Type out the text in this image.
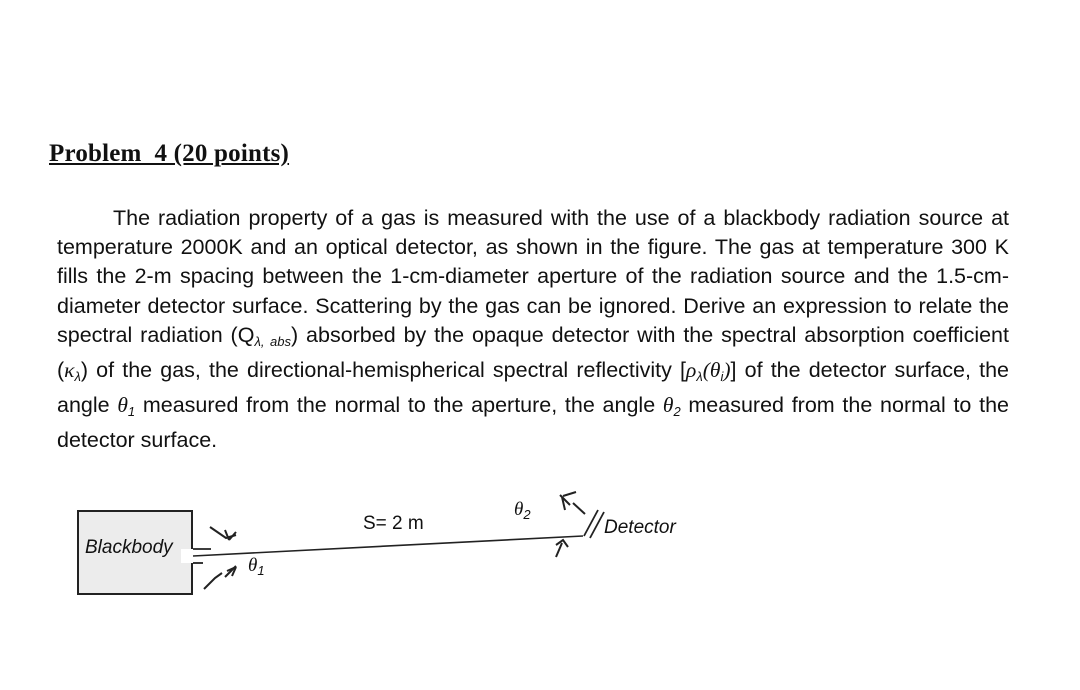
Problem  4 (20 points)
The radiation property of a gas is measured with the use of a blackbody radiation source at temperature 2000K and an optical detector, as shown in the figure. The gas at temperature 300 K fills the 2-m spacing between the 1-cm-diameter aperture of the radiation source and the 1.5-cm-diameter detector surface. Scattering by the gas can be ignored. Derive an expression to relate the spectral radiation $(Q_{\lambda, abs})$ absorbed by the opaque detector with the spectral absorption coefficient $(\kappa_\lambda)$ of the gas, the directional-hemispherical spectral reflectivity $[\rho_\lambda(\theta_i)]$ of the detector surface, the angle $\theta_1$ measured from the normal to the aperture, the angle $\theta_2$ measured from the normal to the detector surface.
Blackbody
S= 2 m	Detector
$\theta_1$
$\theta_2$
